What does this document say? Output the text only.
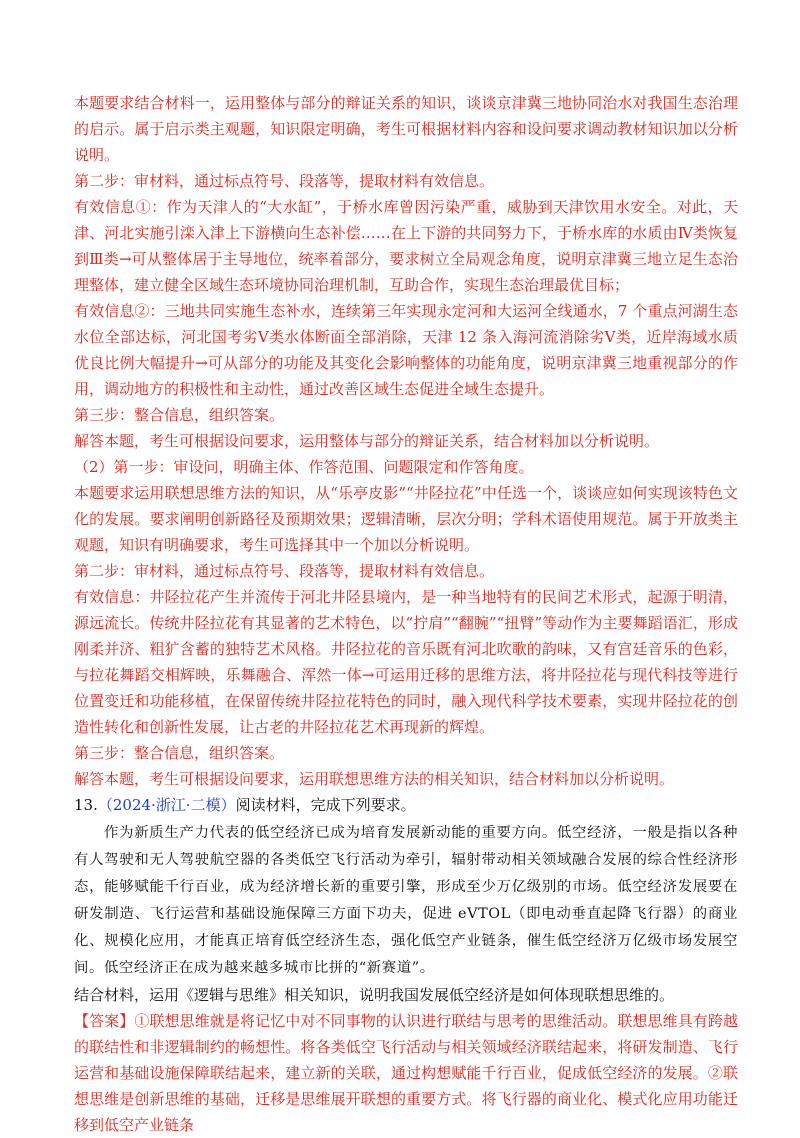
本题要求结合材料一，运用整体与部分的辩证关系的知识，谈谈京津冀三地协同治水对我国生态治理的启示。属于启示类主观题，知识限定明确，考生可根据材料内容和设问要求调动教材知识加以分析说明。

第二步：审材料，通过标点符号、段落等，提取材料有效信息。

有效信息①：作为天津人的“大水缸”，于桥水库曾因污染严重，威胁到天津饮用水安全。对此，天津、河北实施引滦入津上下游横向生态补偿……在上下游的共同努力下，于桥水库的水质由Ⅳ类恢复到Ⅲ类→可从整体居于主导地位，统率着部分，要求树立全局观念角度，说明京津冀三地立足生态治理整体，建立健全区域生态环境协同治理机制，互助合作，实现生态治理最优目标；

有效信息②：三地共同实施生态补水，连续第三年实现永定河和大运河全线通水，7 个重点河湖生态水位全部达标，河北国考劣Ⅴ类水体断面全部消除，天津 12 条入海河流消除劣Ⅴ类，近岸海域水质优良比例大幅提升→可从部分的功能及其变化会影响整体的功能角度，说明京津冀三地重视部分的作用，调动地方的积极性和主动性，通过改善区域生态促进全域生态提升。

第三步：整合信息，组织答案。

解答本题，考生可根据设问要求，运用整体与部分的辩证关系，结合材料加以分析说明。

（2）第一步：审设问，明确主体、作答范围、问题限定和作答角度。

本题要求运用联想思维方法的知识，从“乐亭皮影”“井陉拉花”中任选一个，谈谈应如何实现该特色文化的发展。要求阐明创新路径及预期效果；逻辑清晰，层次分明；学科术语使用规范。属于开放类主观题，知识有明确要求，考生可选择其中一个加以分析说明。

第二步：审材料，通过标点符号、段落等，提取材料有效信息。

有效信息：井陉拉花产生并流传于河北井陉县境内，是一种当地特有的民间艺术形式，起源于明清，源远流长。传统井陉拉花有其显著的艺术特色，以“拧肩”“翻腕”“扭臂”等动作为主要舞蹈语汇，形成刚柔并济、粗犷含蓄的独特艺术风格。井陉拉花的音乐既有河北吹歌的韵味，又有宫廷音乐的色彩，与拉花舞蹈交相辉映，乐舞融合、浑然一体→可运用迁移的思维方法，将井陉拉花与现代科技等进行位置变迁和功能移植，在保留传统井陉拉花特色的同时，融入现代科学技术要素，实现井陉拉花的创造性转化和创新性发展，让古老的井陉拉花艺术再现新的辉煌。

第三步：整合信息，组织答案。

解答本题，考生可根据设问要求，运用联想思维方法的相关知识，结合材料加以分析说明。

13.（2024·浙江·二模）阅读材料，完成下列要求。

作为新质生产力代表的低空经济已成为培育发展新动能的重要方向。低空经济，一般是指以各种有人驾驶和无人驾驶航空器的各类低空飞行活动为牵引，辐射带动相关领域融合发展的综合性经济形态，能够赋能千行百业，成为经济增长新的重要引擎，形成至少万亿级别的市场。低空经济发展要在研发制造、飞行运营和基础设施保障三方面下功夫，促进 eVTOL（即电动垂直起降飞行器）的商业化、规模化应用，才能真正培育低空经济生态，强化低空产业链条，催生低空经济万亿级市场发展空间。低空经济正在成为越来越多城市比拼的“新赛道”。

结合材料，运用《逻辑与思维》相关知识，说明我国发展低空经济是如何体现联想思维的。

【答案】①联想思维就是将记忆中对不同事物的认识进行联结与思考的思维活动。联想思维具有跨越的联结性和非逻辑制约的畅想性。将各类低空飞行活动与相关领域经济联结起来，将研发制造、飞行运营和基础设施保障联结起来，建立新的关联，通过构想赋能千行百业，促成低空经济的发展。②联想思维是创新思维的基础，迁移是思维展开联想的重要方式。将飞行器的商业化、模式化应用功能迁移到低空产业链条
